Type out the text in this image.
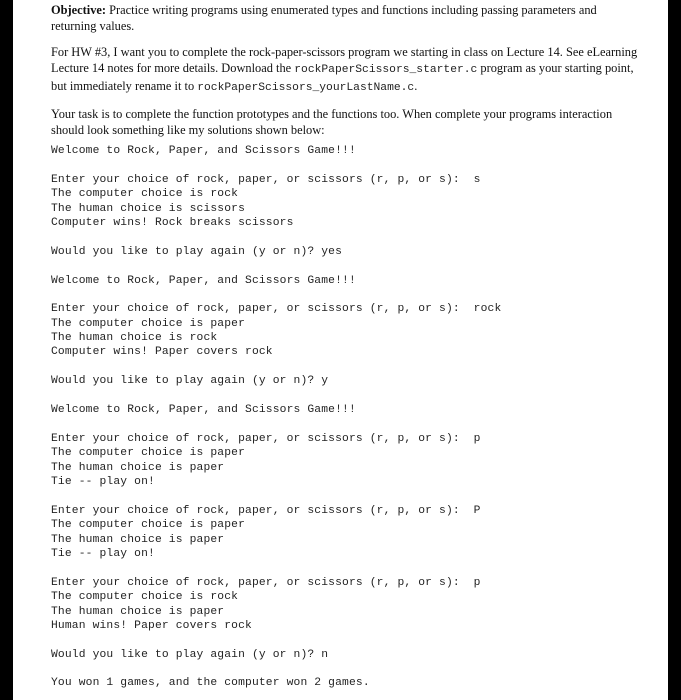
Objective: Practice writing programs using enumerated types and functions including passing parameters and returning values.

For HW #3, I want you to complete the rock-paper-scissors program we starting in class on Lecture 14. See eLearning Lecture 14 notes for more details. Download the rockPaperScissors_starter.c program as your starting point, but immediately rename it to rockPaperScissors_yourLastName.c.

Your task is to complete the function prototypes and the functions too. When complete your programs interaction should look something like my solutions shown below:

Welcome to Rock, Paper, and Scissors Game!!!
Enter your choice of rock, paper, or scissors (r, p, or s):  s
The computer choice is rock
The human choice is scissors
Computer wins! Rock breaks scissors
Would you like to play again (y or n)? yes
Welcome to Rock, Paper, and Scissors Game!!!
Enter your choice of rock, paper, or scissors (r, p, or s):  rock
The computer choice is paper
The human choice is rock
Computer wins! Paper covers rock
Would you like to play again (y or n)? y
Welcome to Rock, Paper, and Scissors Game!!!
Enter your choice of rock, paper, or scissors (r, p, or s):  p
The computer choice is paper
The human choice is paper
Tie -- play on!
Enter your choice of rock, paper, or scissors (r, p, or s):  P
The computer choice is paper
The human choice is paper
Tie -- play on!
Enter your choice of rock, paper, or scissors (r, p, or s):  p
The computer choice is rock
The human choice is paper
Human wins! Paper covers rock
Would you like to play again (y or n)? n
You won 1 games, and the computer won 2 games.
